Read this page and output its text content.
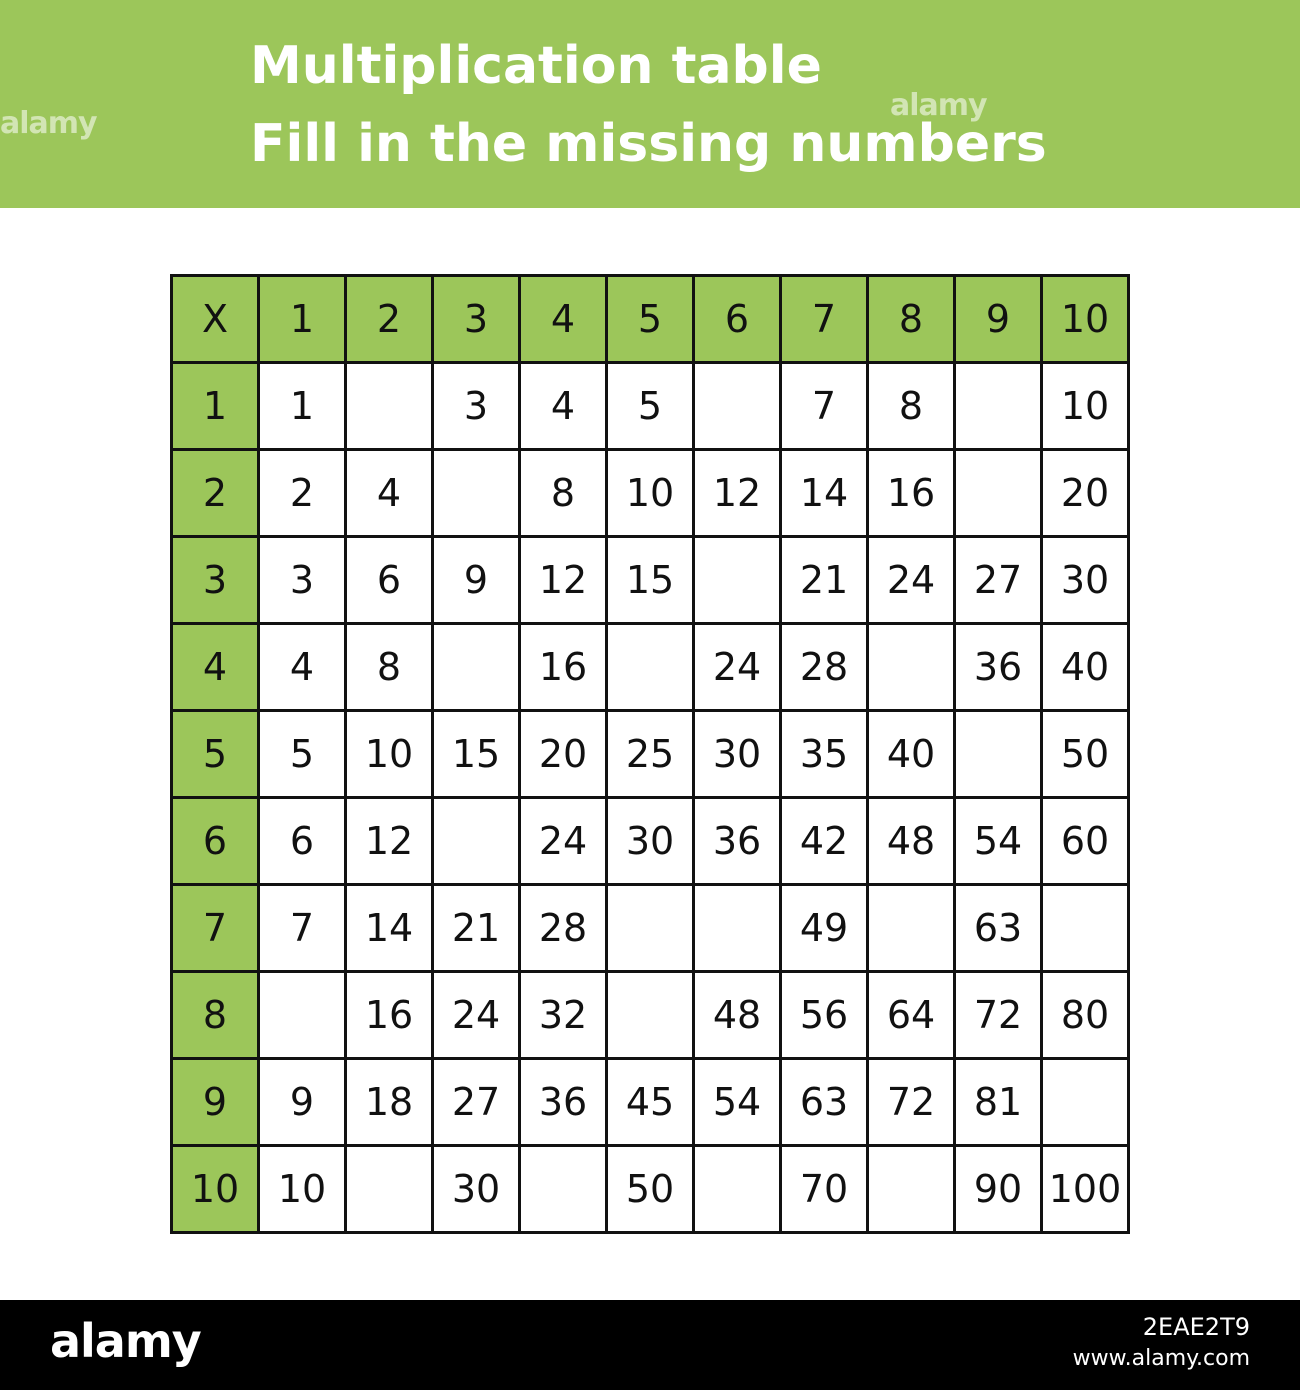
Multiplication table
Fill in the missing numbers
alamy
alamy
X	1	2	3	4	5	6	7	8	9	10
1	1		3	4	5		7	8		10
2	2	4		8	10	12	14	16		20
3	3	6	9	12	15		21	24	27	30
4	4	8		16		24	28		36	40
5	5	10	15	20	25	30	35	40		50
6	6	12		24	30	36	42	48	54	60
7	7	14	21	28			49		63	
8		16	24	32		48	56	64	72	80
9	9	18	27	36	45	54	63	72	81	
10	10		30		50		70		90	100
alamy	2EAE2T9
www.alamy.com
